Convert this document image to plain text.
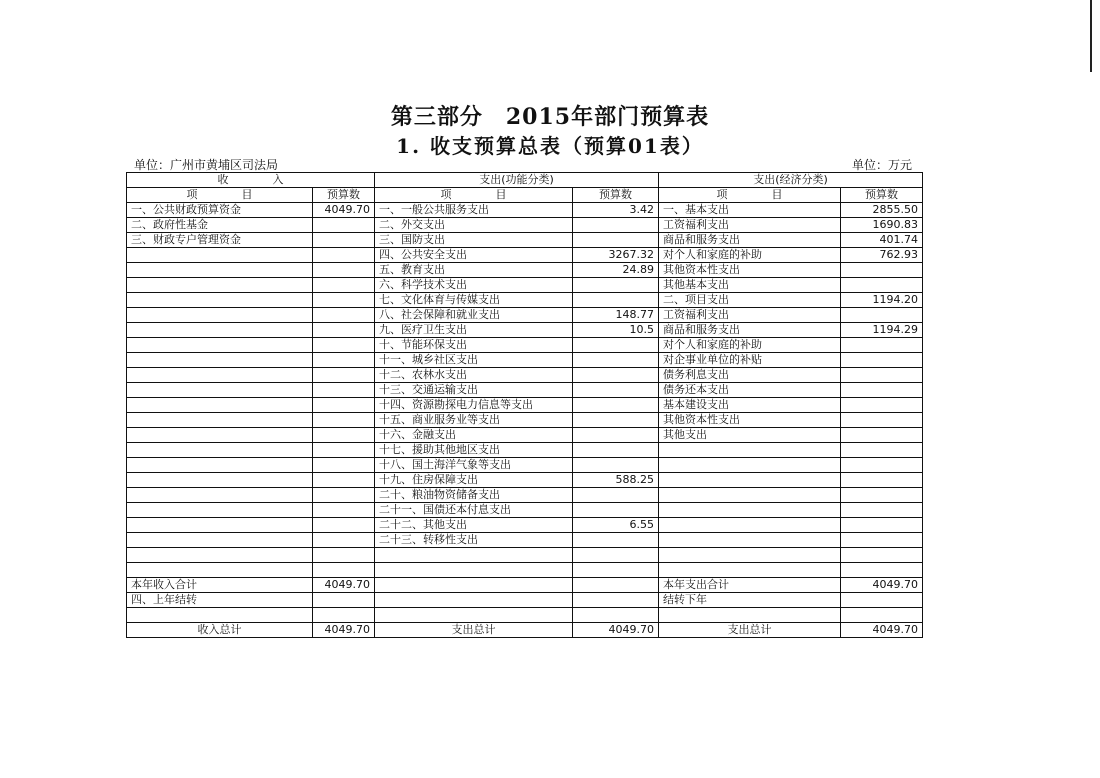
第三部分　2015年部门预算表
1. 收支预算总表（预算01表）
单位：广州市黄埔区司法局	单位：万元
收　　　　入		支出(功能分类)		支出(经济分类)	
项　　　　目	预算数	项　　　　目	预算数	项　　　　目	预算数
一、公共财政预算资金	4049.70	一、一般公共服务支出	3.42	一、基本支出	2855.50
二、政府性基金		二、外交支出		工资福利支出	1690.83
三、财政专户管理资金		三、国防支出		商品和服务支出	401.74
		四、公共安全支出	3267.32	对个人和家庭的补助	762.93
		五、教育支出	24.89	其他资本性支出	
		六、科学技术支出		其他基本支出	
		七、文化体育与传媒支出		二、项目支出	1194.20
		八、社会保障和就业支出	148.77	工资福利支出	
		九、医疗卫生支出	10.5	商品和服务支出	1194.29
		十、节能环保支出		对个人和家庭的补助	
		十一、城乡社区支出		对企事业单位的补贴	
		十二、农林水支出		债务利息支出	
		十三、交通运输支出		债务还本支出	
		十四、资源勘探电力信息等支出		基本建设支出	
		十五、商业服务业等支出		其他资本性支出	
		十六、金融支出		其他支出	
		十七、援助其他地区支出			
		十八、国土海洋气象等支出			
		十九、住房保障支出	588.25		
		二十、粮油物资储备支出			
		二十一、国债还本付息支出			
		二十二、其他支出	6.55		
		二十三、转移性支出			

本年收入合计	4049.70			本年支出合计	4049.70
四、上年结转				结转下年	

收入总计	4049.70	支出总计	4049.70	支出总计	4049.70
